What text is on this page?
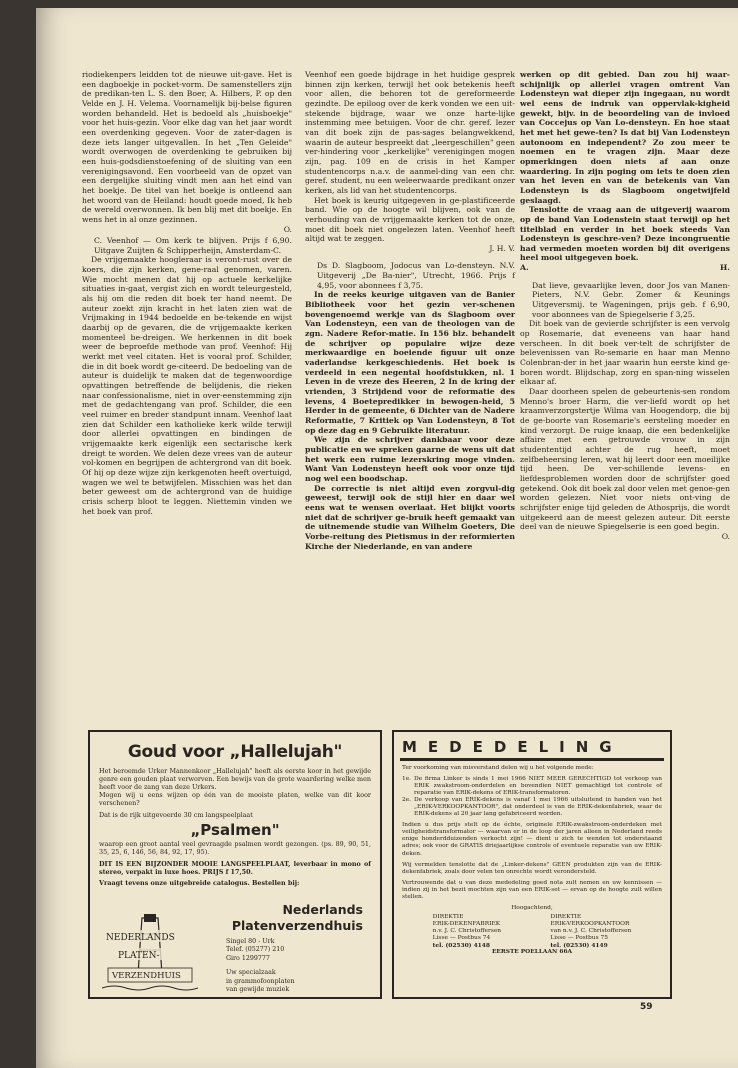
riodiekenpers leidden tot de nieuwe uit-gave. Het is een dagboekje in pocket-vorm. De samenstellers zijn de predikan-ten L. S. den Boer, A. Hilbers, P. op den Velde en J. H. Velema. Voornamelijk bij-belse figuren worden behandeld. Het is bedoeld als „huisboekje" voor het huis-gezin. Voor elke dag van het jaar wordt een overdenking gegeven. Voor de zater-dagen is deze iets langer uitgevallen. In het „Ten Geleide" wordt overwogen de overdenking te gebruiken bij een huis-godsdienstoefening of de sluiting van een verenigingsavond. Een voorbeeld van de opzet van een dergelijke sluiting vindt men aan het eind van het boekje. De titel van het boekje is ontleend aan het woord van de Heiland: houdt goede moed, Ik heb de wereld overwonnen. Ik ben blij met dit boekje. En wens het in al onze gezinnen.

O.

C. Veenhof — Om kerk te blijven. Prijs f 6,90. Uitgave Zuijten & Schipperheijn, Amsterdam-C.

De vrijgemaakte hoogleraar is veront-rust over de koers, die zijn kerken, gene-raal genomen, varen. Wie mocht menen dat hij op actuele kerkelijke situaties in-gaat, vergist zich en wordt teleurgesteld, als hij om die reden dit boek ter hand neemt. De auteur zoekt zijn kracht in het laten zien wat de Vrijmaking in 1944 bedoelde en be-tekende en wijst daarbij op de gevaren, die de vrijgemaakte kerken momenteel be-dreigen. We herkennen in dit boek weer de beproefde methode van prof. Veenhof: Hij werkt met veel citaten. Het is vooral prof. Schilder, die in dit boek wordt ge-citeerd. De bedoeling van de auteur is duidelijk te maken dat de tegenwoordige opvattingen betreffende de belijdenis, die rieken naar confessionalisme, niet in over-eenstemming zijn met de gedachtengang van prof. Schilder, die een veel ruimer en breder standpunt innam. Veenhof laat zien dat Schilder een katholieke kerk wilde terwijl door allerlei opvattingen en bindingen de vrijgemaakte kerk eigenlijk een sectarische kerk dreigt te worden. We delen deze vrees van de auteur vol-komen en begrijpen de achtergrond van dit boek. Of hij op deze wijze zijn kerkgenoten heeft overtuigd, wagen we wel te betwijfelen. Misschien was het dan beter geweest om de achtergrond van de huidige crisis scherp bloot te leggen. Niettemin vinden we het boek van prof.

Veenhof een goede bijdrage in het huidige gesprek binnen zijn kerken, terwijl het ook betekenis heeft voor allen, die behoren tot de gereformeerde gezindte. De epiloog over de kerk vonden we een uit-stekende bijdrage, waar we onze harte-lijke instemming mee betuigen. Voor de chr. geref. lezer van dit boek zijn de pas-sages belangwekkend, waarin de auteur bespreekt dat „leergeschillen" geen ver-hindering voor „kerkelijke" verenigingen mogen zijn, pag. 109 en de crisis in het Kamper studentencorps n.a.v. de aanmel-ding van een chr. geref. student, nu een weleerwaarde predikant onzer kerken, als lid van het studentencorps.

Het boek is keurig uitgegeven in ge-plastificeerde band. Wie op de hoogte wil blijven, ook van de verhouding van de vrijgemaakte kerken tot de onze, moet dit boek niet ongelezen laten. Veenhof heeft altijd wat te zeggen.

J. H. V.

Ds D. Slagboom, Jodocus van Lo-densteyn. N.V. Uitgeverij „De Ba-nier", Utrecht, 1966. Prijs f 4,95, voor abonnees f 3,75.

In de reeks keurige uitgaven van de Banier Bibliotheek voor het gezin ver-schenen bovengenoemd werkje van ds Slagboom over Van Lodensteyn, een van de theologen van de zgn. Nadere Refor-matie. In 156 blz. behandelt de schrijver op populaire wijze deze merkwaardige en boeiende figuur uit onze vaderlandse kerkgeschiedenis. Het boek is verdeeld in een negental hoofdstukken, nl. 1 Leven in de vreze des Heeren, 2 In de kring der vrienden, 3 Strijdend voor de reformatie des levens, 4 Boetepredikker in bewogen-heid, 5 Herder in de gemeente, 6 Dichter van de Nadere Reformatie, 7 Kritiek op Van Lodensteyn, 8 Tot op deze dag en 9 Gebruikte literatuur.

We zijn de schrijver dankbaar voor deze publicatie en we spreken gaarne de wens uit dat het werk een ruime lezerskring moge vinden. Want Van Lodensteyn heeft ook voor onze tijd nog wel een boodschap.

De correctie is niet altijd even zorgvul-dig geweest, terwijl ook de stijl hier en daar wel eens wat te wensen overlaat. Het blijkt voorts niet dat de schrijver ge-bruik heeft gemaakt van de uitnemende studie van Wilhelm Goeters, Die Vorbe-reitung des Pietismus in der reformierten Kirche der Niederlande, en van andere

werken op dit gebied. Dan zou hij waar-schijnlijk op allerlei vragen omtrent Van Lodensteyn wat dieper zijn ingegaan, nu wordt wel eens de indruk van oppervlak-kigheid gewekt, bijv. in de beoordeling van de invloed van Coccejus op Van Lo-densteyn. En hoe staat het met het gewe-ten? Is dat bij Van Lodensteyn autonoom en independent? Zo zou meer te noemen en te vragen zijn. Maar deze opmerkingen doen niets af aan onze waardering. In zijn poging om iets te doen zien van het leven en van de betekenis van Van Lodensteyn is ds Slagboom ongetwijfeld geslaagd.

Tenslotte de vraag aan de uitgeverij waarom op de band Van Lodenstein staat terwijl op het titelblad en verder in het boek steeds Van Lodensteyn is geschre-ven? Deze incongruentie had vermeden moeten worden bij dit overigens heel mooi uitgegeven boek.

A.	H.

Dat lieve, gevaarlijke leven, door Jos van Manen-Pieters, N.V. Gebr. Zomer & Keunings Uitgeversmij. te Wageningen, prijs geb. f 6,90, voor abonnees van de Spiegelserie f 3,25.

Dit boek van de gevierde schrijfster is een vervolg op Rosemarie, dat eveneens van haar hand verscheen. In dit boek ver-telt de schrijfster de belevenissen van Ro-semarie en haar man Menno Colenbran-der in het jaar waarin hun eerste kind ge-boren wordt. Blijdschap, zorg en span-ning wisselen elkaar af.

Daar doorheen spelen de gebeurtenis-sen rondom Menno's broer Harm, die ver-liefd wordt op het kraamverzorgstertje Wilma van Hoogendorp, die bij de ge-boorte van Rosemarie's eersteling moeder en kind verzorgt. De ruige knaap, die een bedenkelijke affaire met een getrouwde vrouw in zijn studententijd achter de rug heeft, moet zelfbeheersing leren, wat hij leert door een moeilijke tijd heen. De ver-schillende levens- en liefdesproblemen worden door de schrijfster goed getekend. Ook dit boek zal door velen met genoe-gen worden gelezen. Niet voor niets ont-ving de schrijfster enige tijd geleden de Athosprijs, die wordt uitgekeerd aan de meest gelezen auteur. Dit eerste deel van de nieuwe Spiegelserie is een goed begin.

O.

Goud voor „Hallelujah"
Het beroemde Urker Mannenkoor „Hallelujah" heeft als eerste koor in het gewijde genre een gouden plaat verworven. Een bewijs van de grote waardering welke men heeft voor de zang van deze Urkers.
Mogen wij u eens wijzen op één van de mooiste platen, welke van dit koor verschenen?
Dat is de rijk uitgevoerde 30 cm langspeelplaat
„Psalmen"
waarop een groot aantal veel gevraagde psalmen wordt gezongen. (ps. 89, 90, 51, 35, 25, 6, 146, 56, 84, 92, 17, 95).
DIT IS EEN BIJZONDER MOOIE LANGSPEELPLAAT, leverbaar in mono of stereo, verpakt in luxe hoes. PRIJS f 17,50.
Vraagt tevens onze uitgebreide catalogus. Bestellen bij:
NEDERLANDS
PLATEN-
VERZENDHUIS
Nederlands
Platenverzendhuis
Singel 80 - Urk
Telef. (05277) 210
Giro 1299777
Uw specialzaak
in grammofoonplaten
van gewijde muziek
MEDEDELING
Ter voorkoming van misverstand delen wij u het volgende mede:
1e. De firma Linker is sinds 1 mei 1966 NIET MEER GERECHTIGD tot verkoop van ERIK zwakstroom-onderdelen en bovendien NIET gemachtigd tot controle of reparatie van ERIK-dekens of ERIK-transformatoren.
2e. De verkoop van ERIK-dekens is vanaf 1 mei 1966 uitsluitend in handen van het „ERIK-VERKOOPKANTOOR", dat onderdeel is van de ERIK-dekenfabriek, waar de ERIK-dekens al 20 jaar lang gefabriceerd worden.
Indien u dus prijs stelt op de échte, originele ERIK-zwakstroom-onderdeken met veiligheidstransformator — waarvan er in de loop der jaren alleen in Nederland reeds enige honderdduizenden verkocht zijn! — dient u zich te wenden tot onderstaand adres; ook voor de GRATIS driejaarlijkse controle of eventuele reparatie van uw ERIK-deken.
Wij vermelden tenslotte dat de „Linker-dekens" GEEN produkten zijn van de ERIK-dekenfabriek, zoals door velen ten onrechte wordt verondersteld.
Vertrouwende dat u van deze mededeling goed nota zult nemen en uw kennissen — indien zij in het bezit mochten zijn van een ERIK-set — ervan op de hoogte zult willen stellen.
Hoogachtend,
DIREKTIE
ERIK-DEKENFABRIEK
n.v. J. C. Christoffersen
Lisse — Postbus 74
tel. (02530) 4148
DIREKTIE
ERIK-VERKOOPKANTOOR
van n.v. J. C. Christoffersen
Lisse — Postbus 75
tel. (02530) 4149
EERSTE POELLAAN 66A
59
